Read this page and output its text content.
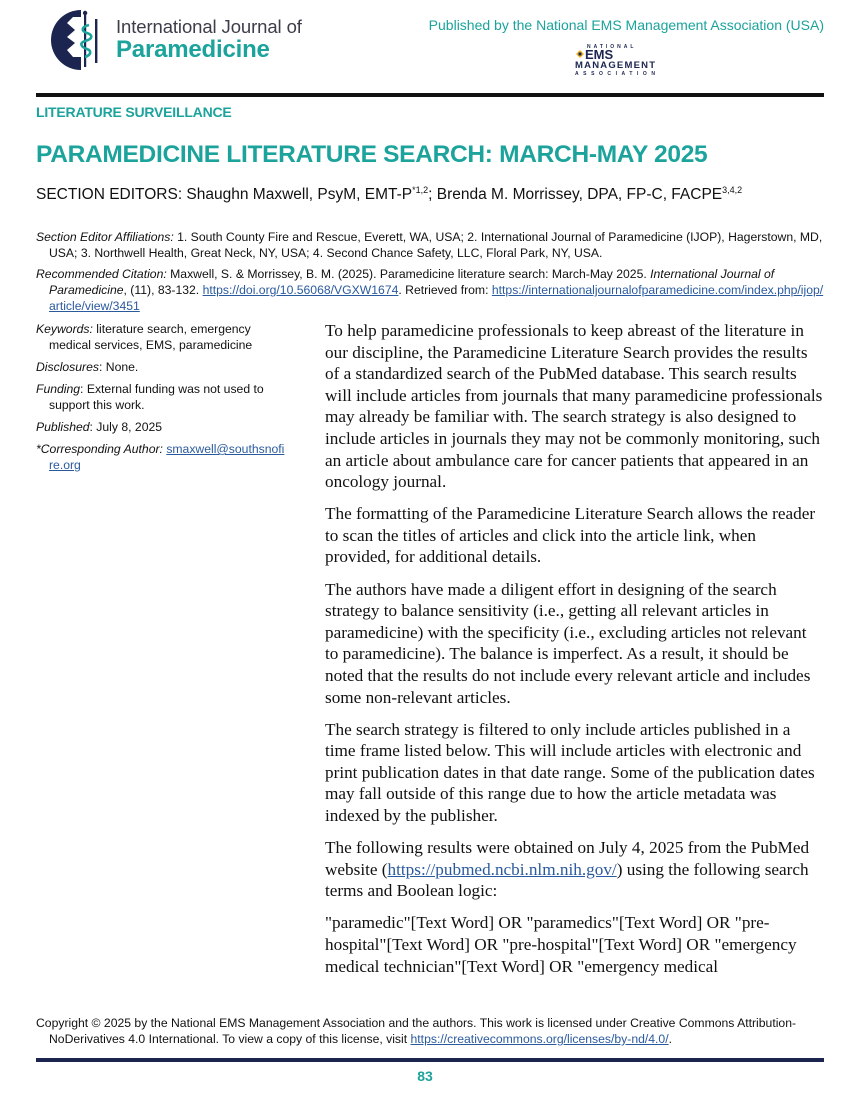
International Journal of
Paramedicine
Published by the National EMS Management Association (USA)
NATIONAL
EMS
MANAGEMENT
ASSOCIATION
LITERATURE SURVEILLANCE
PARAMEDICINE LITERATURE SEARCH: MARCH-MAY 2025
SECTION EDITORS: Shaughn Maxwell, PsyM, EMT-$P^{*1,2}$; Brenda M. Morrissey, DPA, FP-C, FACPE$^{3,4,2}$

Section Editor Affiliations: 1. South County Fire and Rescue, Everett, WA, USA; 2. International Journal of Paramedicine (IJOP), Hagerstown, MD, USA; 3. Northwell Health, Great Neck, NY, USA; 4. Second Chance Safety, LLC, Floral Park, NY, USA.

Recommended Citation: Maxwell, S. & Morrissey, B. M. (2025). Paramedicine literature search: March-May 2025. International Journal of Paramedicine, (11), 83-132. https://doi.org/10.56068/VGXW1674. Retrieved from: https://internationaljournalofparamedicine.com/index.php/ijop/article/view/3451

Keywords: literature search, emergency medical services, EMS, paramedicine

Disclosures: None.

Funding: External funding was not used to support this work.

Published: July 8, 2025

*Corresponding Author: smaxwell@southsnofire.org

To help paramedicine professionals to keep abreast of the literature in our discipline, the Paramedicine Literature Search provides the results of a standardized search of the PubMed database. This search results will include articles from journals that many paramedicine professionals may already be familiar with. The search strategy is also designed to include articles in journals they may not be commonly monitoring, such an article about ambulance care for cancer patients that appeared in an oncology journal.

The formatting of the Paramedicine Literature Search allows the reader to scan the titles of articles and click into the article link, when provided, for additional details.

The authors have made a diligent effort in designing of the search strategy to balance sensitivity (i.e., getting all relevant articles in paramedicine) with the specificity (i.e., excluding articles not relevant to paramedicine). The balance is imperfect. As a result, it should be noted that the results do not include every relevant article and includes some non-relevant articles.

The search strategy is filtered to only include articles published in a time frame listed below. This will include articles with electronic and print publication dates in that date range. Some of the publication dates may fall outside of this range due to how the article metadata was indexed by the publisher.

The following results were obtained on July 4, 2025 from the PubMed website (https://pubmed.ncbi.nlm.nih.gov/) using the following search terms and Boolean logic:

"paramedic"[Text Word] OR "paramedics"[Text Word] OR "pre-hospital"[Text Word] OR "pre-hospital"[Text Word] OR "emergency medical technician"[Text Word] OR "emergency medical

Copyright © 2025 by the National EMS Management Association and the authors. This work is licensed under Creative Commons Attribution-NoDerivatives 4.0 International. To view a copy of this license, visit https://creativecommons.org/licenses/by-nd/4.0/.

83
